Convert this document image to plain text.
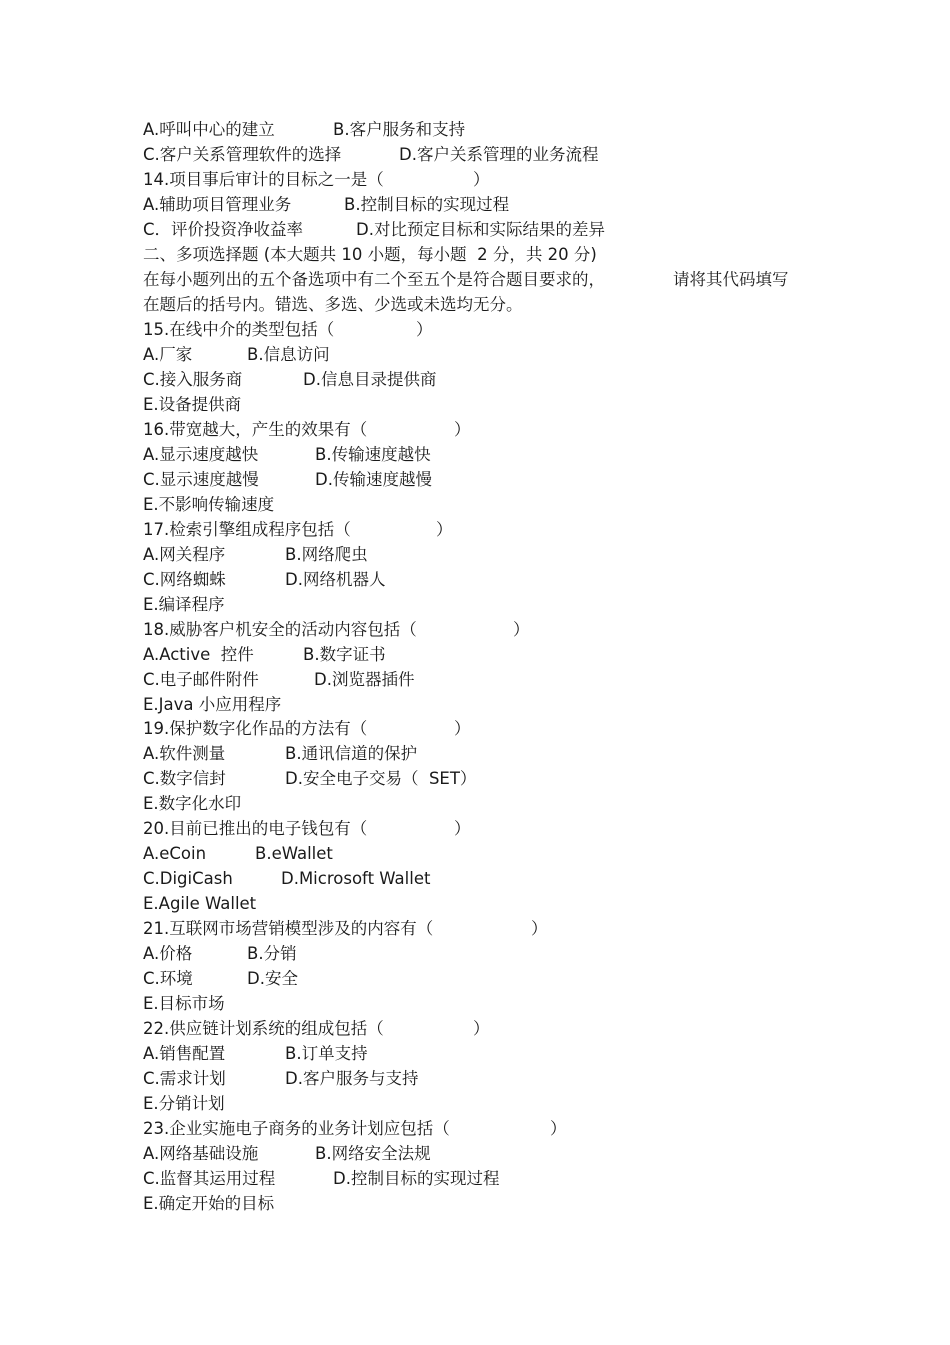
A.呼叫中心的建立

	B.客户服务和支持

C.客户关系管理软件的选择

	D.客户关系管理的业务流程

14.项目事后审计的目标之一是（

	）

A.辅助项目管理业务

	B.控制目标的实现过程

C．评价投资净收益率

	D.对比预定目标和实际结果的差异

二、多项选择题 (本大题共 10 小题，每小题  2 分，共 20 分)

在每小题列出的五个备选项中有二个至五个是符合题目要求的，

	请将其代码填写

在题后的括号内。错选、多选、少选或未选均无分。

15.在线中介的类型包括（

	）

A.厂家

	B.信息访问

C.接入服务商

	D.信息目录提供商

E.设备提供商

16.带宽越大，产生的效果有（

	）

A.显示速度越快

	B.传输速度越快

C.显示速度越慢

	D.传输速度越慢

E.不影响传输速度

17.检索引擎组成程序包括（

	）

A.网关程序

	B.网络爬虫

C.网络蜘蛛

	D.网络机器人

E.编译程序

18.威胁客户机安全的活动内容包括（

	）

A.Active  控件

	B.数字证书

C.电子邮件附件

	D.浏览器插件

E.Java 小应用程序

19.保护数字化作品的方法有（

	）

A.软件测量

	B.通讯信道的保护

C.数字信封

	D.安全电子交易（  SET）

E.数字化水印

20.目前已推出的电子钱包有（

	）

A.eCoin

	B.eWallet

C.DigiCash

	D.Microsoft Wallet

E.Agile Wallet

21.互联网市场营销模型涉及的内容有（

	）

A.价格

	B.分销

C.环境

	D.安全

E.目标市场

22.供应链计划系统的组成包括（

	）

A.销售配置

	B.订单支持

C.需求计划

	D.客户服务与支持

E.分销计划

23.企业实施电子商务的业务计划应包括（

	）

A.网络基础设施

	B.网络安全法规

C.监督其运用过程

	D.控制目标的实现过程

E.确定开始的目标
